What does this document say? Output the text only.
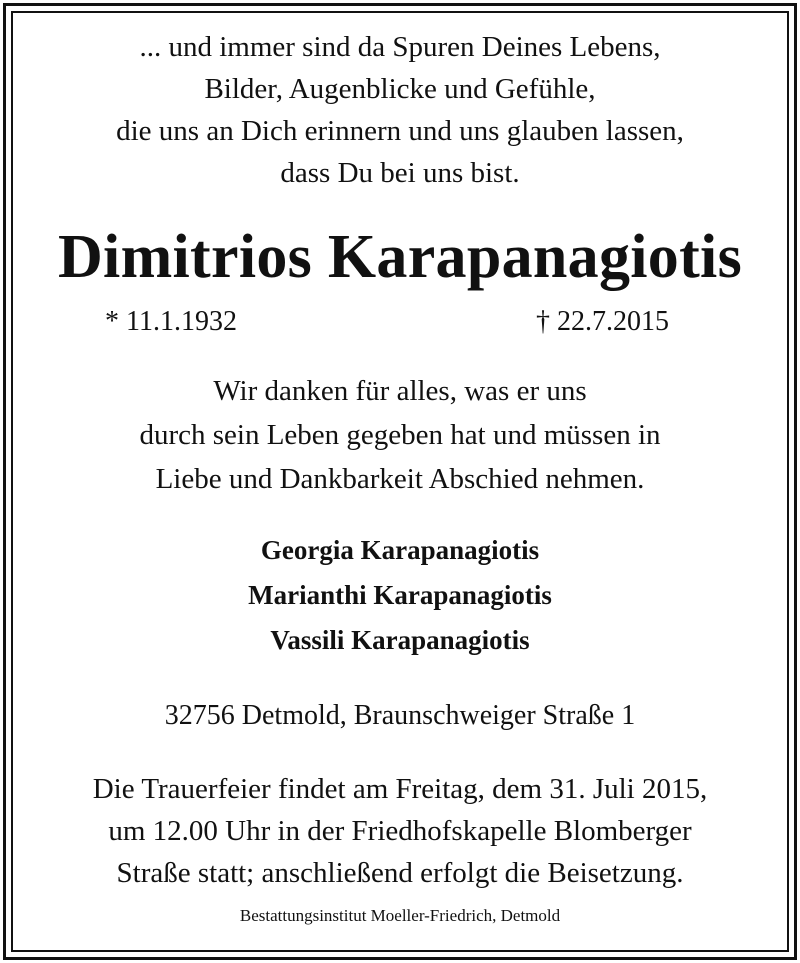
... und immer sind da Spuren Deines Lebens,
Bilder, Augenblicke und Gefühle,
die uns an Dich erinnern und uns glauben lassen,
dass Du bei uns bist.
Dimitrios Karapanagiotis
* 11.1.1932	† 22.7.2015
Wir danken für alles, was er uns
durch sein Leben gegeben hat und müssen in
Liebe und Dankbarkeit Abschied nehmen.
Georgia Karapanagiotis
Marianthi Karapanagiotis
Vassili Karapanagiotis
32756 Detmold, Braunschweiger Straße 1
Die Trauerfeier findet am Freitag, dem 31. Juli 2015,
um 12.00 Uhr in der Friedhofskapelle Blomberger
Straße statt; anschließend erfolgt die Beisetzung.
Bestattungsinstitut Moeller-Friedrich, Detmold
